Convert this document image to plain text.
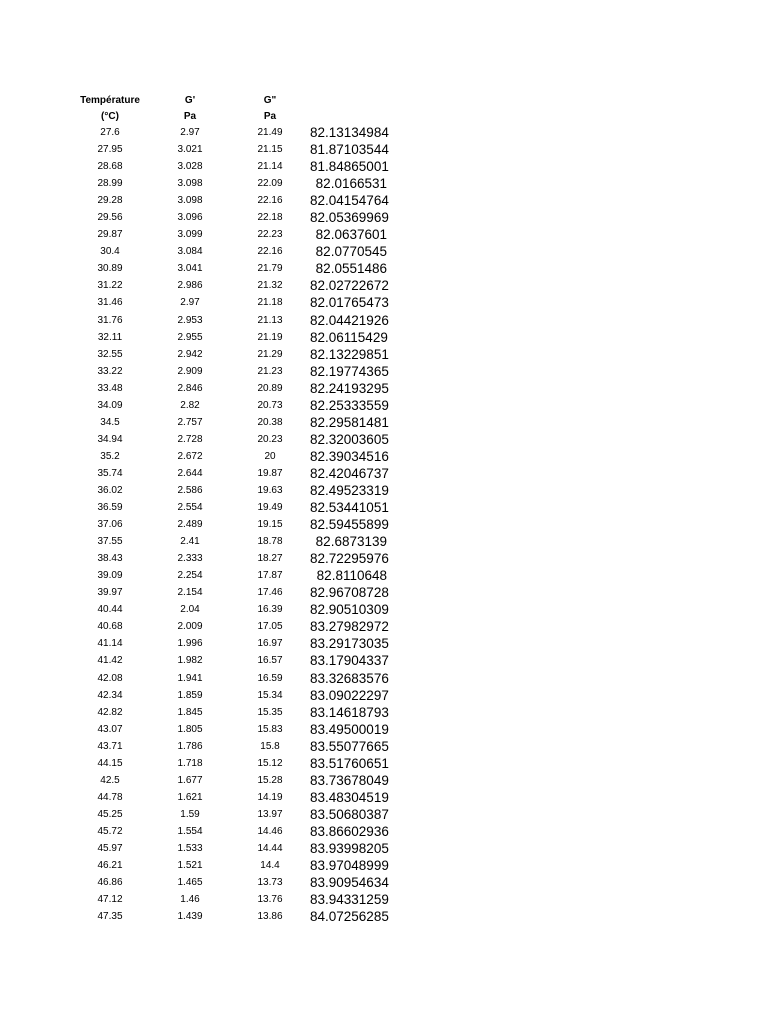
Température	G'	G"
(°C)	Pa	Pa
27.6	2.97	21.49	82.13134984
27.95	3.021	21.15	81.87103544
28.68	3.028	21.14	81.84865001
28.99	3.098	22.09	82.0166531
29.28	3.098	22.16	82.04154764
29.56	3.096	22.18	82.05369969
29.87	3.099	22.23	82.0637601
30.4	3.084	22.16	82.0770545
30.89	3.041	21.79	82.0551486
31.22	2.986	21.32	82.02722672
31.46	2.97	21.18	82.01765473
31.76	2.953	21.13	82.04421926
32.11	2.955	21.19	82.06115429
32.55	2.942	21.29	82.13229851
33.22	2.909	21.23	82.19774365
33.48	2.846	20.89	82.24193295
34.09	2.82	20.73	82.25333559
34.5	2.757	20.38	82.29581481
34.94	2.728	20.23	82.32003605
35.2	2.672	20	82.39034516
35.74	2.644	19.87	82.42046737
36.02	2.586	19.63	82.49523319
36.59	2.554	19.49	82.53441051
37.06	2.489	19.15	82.59455899
37.55	2.41	18.78	82.6873139
38.43	2.333	18.27	82.72295976
39.09	2.254	17.87	82.8110648
39.97	2.154	17.46	82.96708728
40.44	2.04	16.39	82.90510309
40.68	2.009	17.05	83.27982972
41.14	1.996	16.97	83.29173035
41.42	1.982	16.57	83.17904337
42.08	1.941	16.59	83.32683576
42.34	1.859	15.34	83.09022297
42.82	1.845	15.35	83.14618793
43.07	1.805	15.83	83.49500019
43.71	1.786	15.8	83.55077665
44.15	1.718	15.12	83.51760651
42.5	1.677	15.28	83.73678049
44.78	1.621	14.19	83.48304519
45.25	1.59	13.97	83.50680387
45.72	1.554	14.46	83.86602936
45.97	1.533	14.44	83.93998205
46.21	1.521	14.4	83.97048999
46.86	1.465	13.73	83.90954634
47.12	1.46	13.76	83.94331259
47.35	1.439	13.86	84.07256285
